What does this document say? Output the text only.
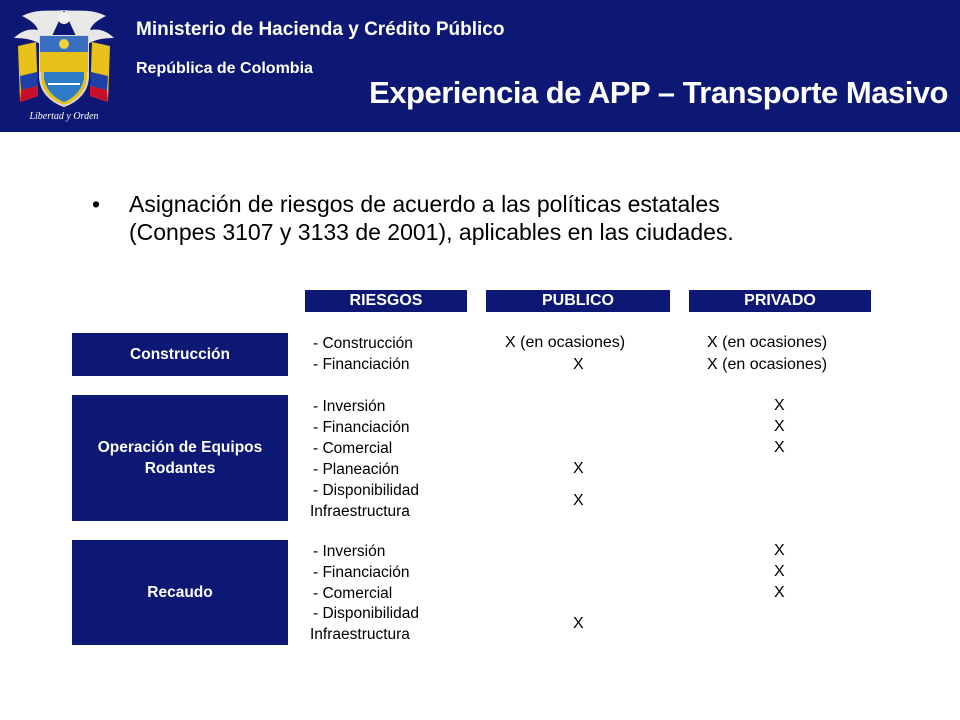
Libertad y Orden
Ministerio de Hacienda y Crédito Público
República de Colombia
Experiencia de APP – Transporte Masivo
• Asignación de riesgos de acuerdo a las políticas estatales
(Conpes 3107 y 3133 de 2001), aplicables en las ciudades.
RIESGOS	PUBLICO	PRIVADO
Construcción
- Construcción
- Financiación
X (en ocasiones)
X
X (en ocasiones)
X (en ocasiones)
Operación de Equipos
Rodantes
- Inversión
- Financiación
- Comercial
- Planeación
- Disponibilidad
Infraestructura
X
X
X
X
X
Recaudo
- Inversión
- Financiación
- Comercial
- Disponibilidad
Infraestructura
X
X
X
X
